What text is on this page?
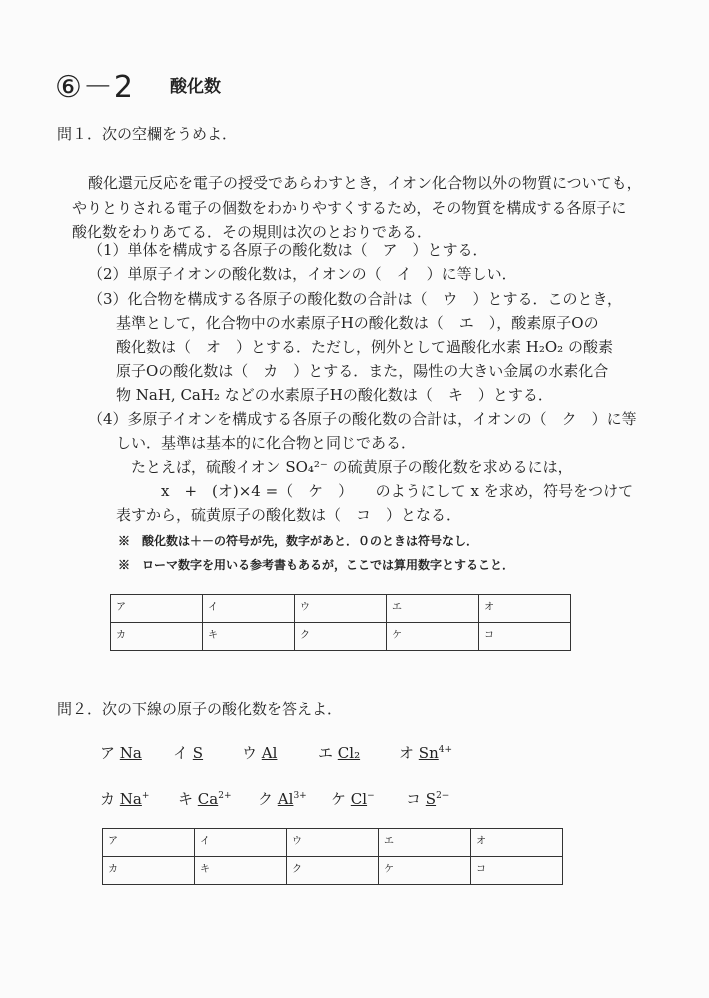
⑥－2 酸化数
問１．次の空欄をうめよ．
酸化還元反応を電子の授受であらわすとき，イオン化合物以外の物質についても，
やりとりされる電子の個数をわかりやすくするため，その物質を構成する各原子に
酸化数をわりあてる．その規則は次のとおりである．
（1）単体を構成する各原子の酸化数は（　ア　）とする．
（2）単原子イオンの酸化数は，イオンの（　イ　）に等しい．
（3）化合物を構成する各原子の酸化数の合計は（　ウ　）とする．このとき，
基準として，化合物中の水素原子Hの酸化数は（　エ　），酸素原子Oの
酸化数は（　オ　）とする．ただし，例外として過酸化水素 H₂O₂ の酸素
原子Oの酸化数は（　カ　）とする．また，陽性の大きい金属の水素化合
物 NaH, CaH₂ などの水素原子Hの酸化数は（　キ　）とする．
（4）多原子イオンを構成する各原子の酸化数の合計は，イオンの（　ク　）に等
しい．基準は基本的に化合物と同じである．
たとえば，硫酸イオン SO₄²⁻ の硫黄原子の酸化数を求めるには，
x　+　(オ)×4 =（　ケ　）　　のようにして x を求め，符号をつけて
表すから，硫黄原子の酸化数は（　コ　）となる．
※　酸化数は＋－の符号が先，数字があと．０のときは符号なし．
※　ローマ数字を用いる参考書もあるが，ここでは算用数字とすること．
ア	イ	ウ	エ	オ
カ	キ	ク	ケ	コ
問２．次の下線の原子の酸化数を答えよ．
ア Na イ S	ウ Al	エ Cl₂	オ $Sn^{4+}$
カ Na+ キ $Ca^{2+}$ ク $Al^{3+}$ ケ Cl− コ $S^{2-}$
ア	イ	ウ	エ	オ
カ	キ	ク	ケ	コ
